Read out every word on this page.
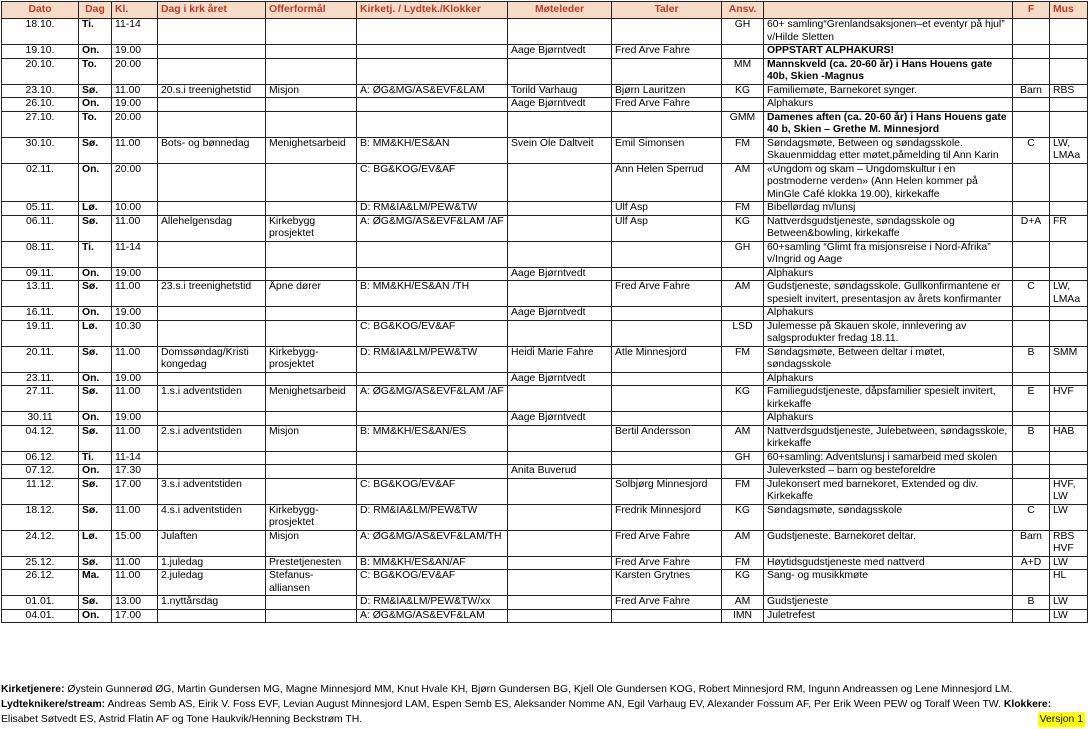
Dato	Dag	Kl.	Dag i krk året	Offerformål	Kirketj. / Lydtek./Klokker	Møteleder	Taler	Ansv.		F	Mus
18.10.	Ti.	11-14						GH	60+ samling“Grenlandsaksjonen–et eventyr på hjul” v/Hilde Sletten		
19.10.	On.	19.00				Aage Bjørntvedt	Fred Arve Fahre		OPPSTART ALPHAKURS!		
20.10.	To.	20.00						MM	Mannskveld (ca. 20-60 år) i Hans Houens gate 40b, Skien -Magnus		
23.10.	Sø.	11.00	20.s.i treenighetstid	Misjon	A: ØG&MG/AS&EVF&LAM	Torild Varhaug	Bjørn Lauritzen	KG	Familiemøte, Barnekoret synger.	Barn	RBS
26.10.	On.	19.00				Aage Bjørntvedt	Fred Arve Fahre		Alphakurs		
27.10.	To.	20.00						GMM	Damenes aften (ca. 20-60 år) i Hans Houens gate 40 b, Skien – Grethe M. Minnesjord		
30.10.	Sø.	11.00	Bots- og bønnedag	Menighetsarbeid	B: MM&KH/ES&AN	Svein Ole Daltveit	Emil Simonsen	FM	Søndagsmøte, Between og søndagsskole. Skauenmiddag etter møtet,påmelding til Ann Karin	C	LW, LMAa
02.11.	On.	20.00			C: BG&KOG/EV&AF		Ann Helen Sperrud	AM	«Ungdom og skam – Ungdomskultur i en postmoderne verden» (Ann Helen kommer på MinGle Café klokka 19.00), kirkekaffe		
05.11.	Lø.	10.00			D: RM&IA&LM/PEW&TW		Ulf Asp	FM	Bibellørdag m/lunsj		
06.11.	Sø.	11.00	Allehelgensdag	Kirkebygg prosjektet	A: ØG&MG/AS&EVF&LAM /AF		Ulf Asp	KG	Nattverdsgudstjeneste, søndagsskole og Between&bowling, kirkekaffe	D+A	FR
08.11.	Ti.	11-14						GH	60+samling “Glimt fra misjonsreise i Nord-Afrika” v/Ingrid og Aage		
09.11.	On.	19.00				Aage Bjørntvedt			Alphakurs		
13.11.	Sø.	11.00	23.s.i treenighetstid	Åpne dører	B: MM&KH/ES&AN /TH		Fred Arve Fahre	AM	Gudstjeneste, søndagsskole. Gullkonfirmantene er spesielt invitert, presentasjon av årets konfirmanter	C	LW, LMAa
16.11.	On.	19.00				Aage Bjørntvedt			Alphakurs		
19.11.	Lø.	10.30			C: BG&KOG/EV&AF			LSD	Julemesse på Skauen skole, innlevering av salgsprodukter fredag 18.11.		
20.11.	Sø.	11.00	Domssøndag/Kristi kongedag	Kirkebygg-prosjektet	D: RM&IA&LM/PEW&TW	Heidi Marie Fahre	Atle Minnesjord	FM	Søndagsmøte, Between deltar i møtet, søndagsskole	B	SMM
23.11.	On.	19.00				Aage Bjørntvedt			Alphakurs		
27.11.	Sø.	11.00	1.s.i adventstiden	Menighetsarbeid	A: ØG&MG/AS&EVF&LAM /AF			KG	Familiegudstjeneste, dåpsfamilier spesielt invitert, kirkekaffe	E	HVF
30.11	On.	19.00				Aage Bjørntvedt			Alphakurs		
04.12.	Sø.	11.00	2.s.i adventstiden	Misjon	B: MM&KH/ES&AN/ES		Bertil Andersson	AM	Nattverdsgudstjeneste, Julebetween, søndagsskole, kirkekaffe	B	HAB
06.12.	Ti.	11-14						GH	60+samling: Adventslunsj i samarbeid med skolen		
07.12.	On.	17.30				Anita Buverud			Juleverksted – barn og besteforeldre		
11.12.	Sø.	17.00	3.s.i adventstiden		C: BG&KOG/EV&AF		Solbjørg Minnesjord	FM	Julekonsert med barnekoret, Extended og div. Kirkekaffe		HVF, LW
18.12.	Sø.	11.00	4.s.i adventstiden	Kirkebygg-prosjektet	D: RM&IA&LM/PEW&TW		Fredrik Minnesjord	KG	Søndagsmøte, søndagsskole	C	LW
24.12.	Lø.	15.00	Julaften	Misjon	A: ØG&MG/AS&EVF&LAM/TH		Fred Arve Fahre	AM	Gudstjeneste. Barnekoret deltar.	Barn	RBS HVF
25.12.	Sø.	11.00	1.juledag	Prestetjenesten	B: MM&KH/ES&AN/AF		Fred Arve Fahre	FM	Høytidsgudstjeneste med nattverd	A+D	LW
26.12.	Ma.	11.00	2.juledag	Stefanus-alliansen	C: BG&KOG/EV&AF		Karsten Grytnes	KG	Sang- og musikkmøte		HL
01.01.	Sø.	13.00	1.nyttårsdag		D: RM&IA&LM/PEW&TW/xx		Fred Arve Fahre	AM	Gudstjeneste	B	LW
04.01.	On.	17.00			A: ØG&MG/AS&EVF&LAM			IMN	Juletrefest		LW
Kirketjenere: Øystein Gunnerød ØG, Martin Gundersen MG, Magne Minnesjord MM, Knut Hvale KH, Bjørn Gundersen BG, Kjell Ole Gundersen KOG, Robert Minnesjord RM, Ingunn Andreassen og Lene Minnesjord LM.
Lydteknikere/stream: Andreas Semb AS, Eirik V. Foss EVF, Levian August Minnesjord LAM, Espen Semb ES, Aleksander Nomme AN, Egil Varhaug EV, Alexander Fossum AF, Per Erik Ween PEW og Toralf Ween TW. Klokkere: Elisabet Søtvedt ES, Astrid Flatin AF og Tone Haukvik/Henning Beckstrøm TH.	Versjon 1
